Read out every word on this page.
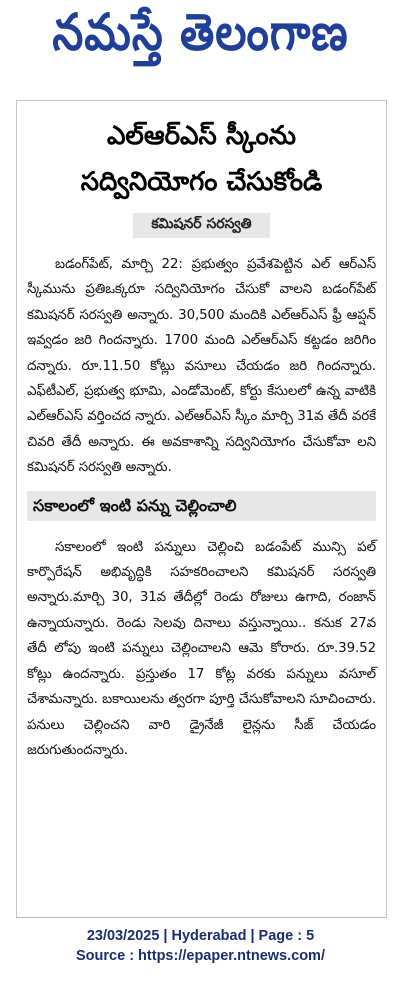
నమస్తే తెలంగాణ
ఎల్‌ఆర్ఎస్ స్కీంను
సద్వినియోగం చేసుకోండి
కమిషనర్ సరస్వతి

బడంగ్‌పేట్, మార్చి 22: ప్రభుత్వం ప్రవేశపెట్టిన ఎల్ ఆర్ఎస్ స్కీమును ప్రతిఒక్కరూ సద్వినియోగం చేసుకో వాలని బడంగ్‌పేట్ కమిషనర్ సరస్వతి అన్నారు. 30,500 మందికి ఎల్‌ఆర్ఎస్ ఫ్రీ ఆప్షన్ ఇవ్వడం జరి గిందన్నారు. 1700 మంది ఎల్‌ఆర్ఎస్ కట్టడం జరిగిం దన్నారు. రూ.11.50 కోట్లు వసూలు చేయడం జరి గిందన్నారు. ఎఫ్‌టీఎల్, ప్రభుత్వ భూమి, ఎండోమెంట్, కోర్టు కేసులలో ఉన్న వాటికి ఎల్‌ఆర్ఎస్ వర్తించద న్నారు. ఎల్‌ఆర్ఎస్ స్కీం మార్చి 31వ తేదీ వరకే చివరి తేదీ అన్నారు. ఈ అవకాశాన్ని సద్వినియోగం చేసుకోవా లని కమిషనర్ సరస్వతి అన్నారు.

సకాలంలో ఇంటి పన్ను చెల్లించాలి

సకాలంలో ఇంటి పన్నులు చెల్లించి బడంపేట్ మున్సి పల్ కార్పొరేషన్ అభివృద్ధికి సహకరించాలని కమిషనర్ సరస్వతి అన్నారు.మార్చి 30, 31వ తేదీల్లో రెండు రోజులు ఉగాది, రంజాన్ ఉన్నాయన్నారు. రెండు సెలవు దినాలు వస్తున్నాయి.. కనుక 27వ తేదీ లోపు ఇంటి పన్నులు చెల్లించాలని ఆమె కోరారు. రూ.39.52 కోట్లు ఉందన్నారు. ప్రస్తుతం 17 కోట్ల వరకు పన్నులు వసూల్ చేశామన్నారు. బకాయిలను త్వరగా పూర్తి చేసుకోవాలని సూచించారు. పనులు చెల్లించని వారి డ్రైనేజీ లైన్లను సీజ్ చేయడం జరుగుతుందన్నారు.

23/03/2025 | Hyderabad | Page : 5
Source : https://epaper.ntnews.com/
